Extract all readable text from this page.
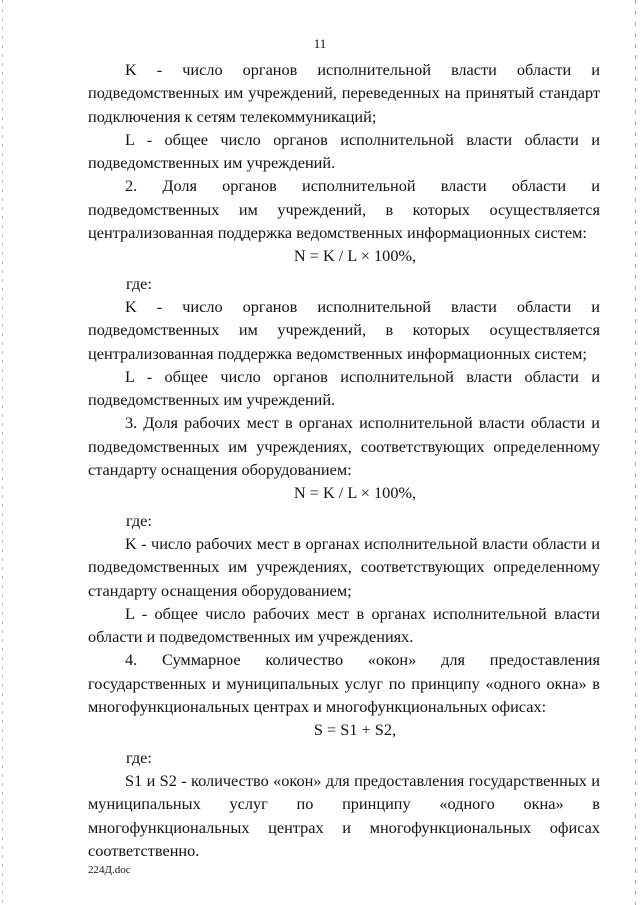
11

K - число органов исполнительной власти области и подведомственных им учреждений, переведенных на принятый стандарт подключения к сетям телекоммуникаций;

L - общее число органов исполнительной власти области и подведомственных им учреждений.

2. Доля органов исполнительной власти области и подведомственных им учреждений, в которых осуществляется централизованная поддержка ведомственных информационных систем:

N = K / L × 100%,

где:

K - число органов исполнительной власти области и подведомственных им учреждений, в которых осуществляется централизованная поддержка ведомственных информационных систем;

L - общее число органов исполнительной власти области и подведомственных им учреждений.

3. Доля рабочих мест в органах исполнительной власти области и подведомственных им учреждениях, соответствующих определенному стандарту оснащения оборудованием:

N = K / L × 100%,

где:

K - число рабочих мест в органах исполнительной власти области и подведомственных им учреждениях, соответствующих определенному стандарту оснащения оборудованием;

L - общее число рабочих мест в органах исполнительной власти области и подведомственных им учреждениях.

4. Суммарное количество «окон» для предоставления государственных и муниципальных услуг по принципу «одного окна» в многофункциональных центрах и многофункциональных офисах:

S = S1 + S2,

где:

S1 и S2 - количество «окон» для предоставления государственных и муниципальных услуг по принципу «одного окна» в многофункциональных центрах и многофункциональных офисах соответственно.

224Д.doc
